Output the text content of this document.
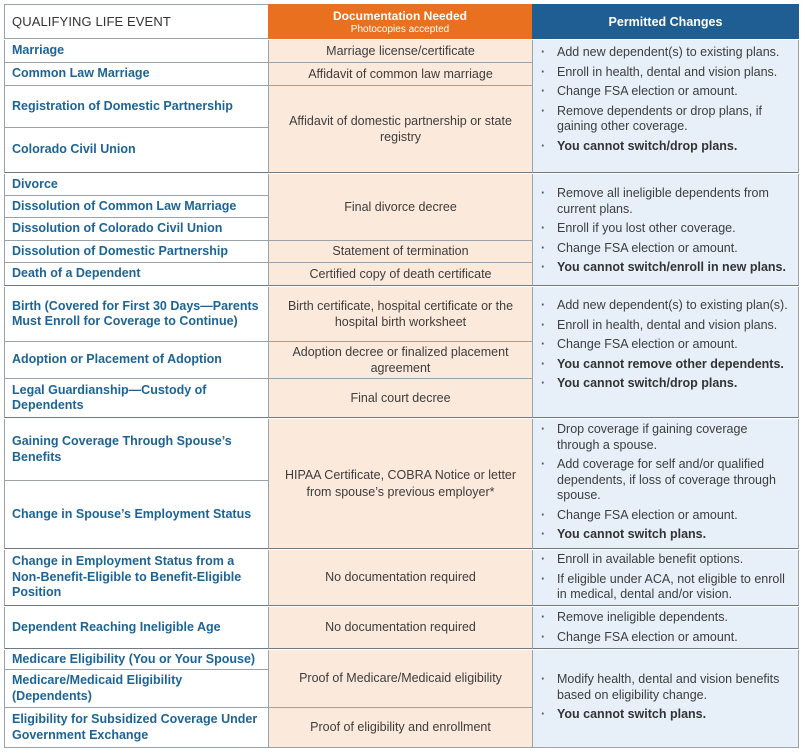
QUALIFYING LIFE EVENT	Documentation Needed
Photocopies accepted
Permitted Changes
Marriage
Common Law Marriage
Registration of Domestic Partnership
Colorado Civil Union
Divorce
Dissolution of Common Law Marriage
Dissolution of Colorado Civil Union
Dissolution of Domestic Partnership
Death of a Dependent
Birth (Covered for First 30 Days—Parents Must Enroll for Coverage to Continue)
Adoption or Placement of Adoption
Legal Guardianship—Custody of Dependents
Gaining Coverage Through Spouse’s Benefits
Change in Spouse’s Employment Status
Change in Employment Status from a Non-Benefit-Eligible to Benefit-Eligible Position
Dependent Reaching Ineligible Age
Medicare Eligibility (You or Your Spouse)
Medicare/Medicaid Eligibility (Dependents)
Eligibility for Subsidized Coverage Under Government Exchange
Marriage license/certificate
Affidavit of common law marriage
Affidavit of domestic partnership or state registry
Final divorce decree
Statement of termination
Certified copy of death certificate
Birth certificate, hospital certificate or the hospital birth worksheet
Adoption decree or finalized placement agreement
Final court decree
HIPAA Certificate, COBRA Notice or letter from spouse’s previous employer*
No documentation required
No documentation required
Proof of Medicare/Medicaid eligibility
Proof of eligibility and enrollment
· Add new dependent(s) to existing plans.
· Enroll in health, dental and vision plans.
· Change FSA election or amount.
· Remove dependents or drop plans, if gaining other coverage.
· You cannot switch/drop plans.
· Remove all ineligible dependents from current plans.
· Enroll if you lost other coverage.
· Change FSA election or amount.
· You cannot switch/enroll in new plans.
· Add new dependent(s) to existing plan(s).
· Enroll in health, dental and vision plans.
· Change FSA election or amount.
· You cannot remove other dependents.
· You cannot switch/drop plans.
· Drop coverage if gaining coverage through a spouse.
· Add coverage for self and/or qualified dependents, if loss of coverage through spouse.
· Change FSA election or amount.
· You cannot switch plans.
· Enroll in available benefit options.
· If eligible under ACA, not eligible to enroll in medical, dental and/or vision.
· Remove ineligible dependents.
· Change FSA election or amount.
· Modify health, dental and vision benefits based on eligibility change.
· You cannot switch plans.
